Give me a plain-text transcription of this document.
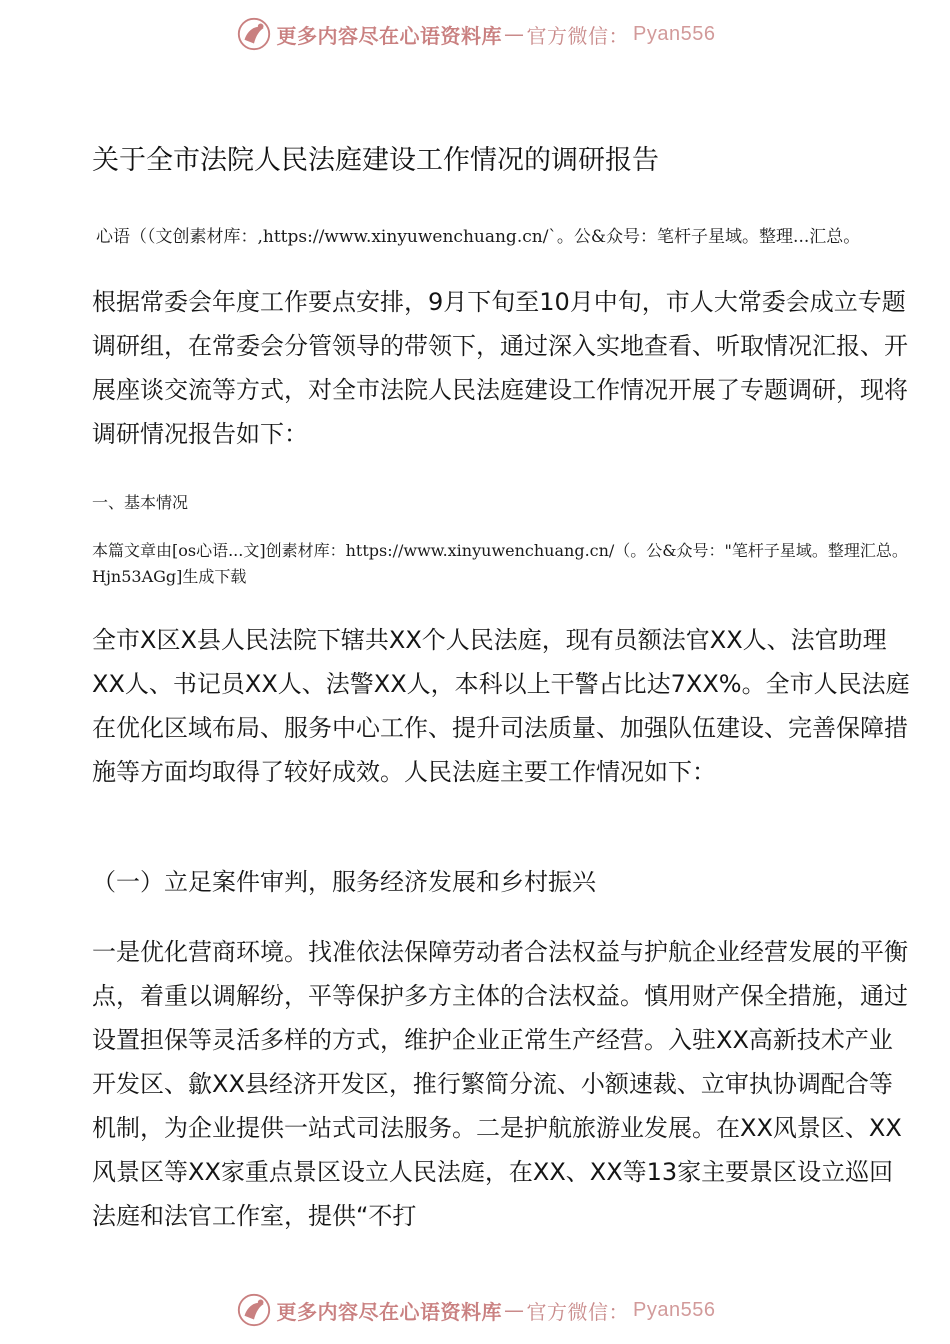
更多内容尽在心语资料库 — 官方微信： Pyan556
关于全市法院人民法庭建设工作情况的调研报告
心语（（文创素材库：,https://www.xinyuwenchuang.cn/`。公&众号：笔杆子星域。整理...汇总。
根据常委会年度工作要点安排，9月下旬至10月中旬，市人大常委会成立专题调研组，在常委会分管领导的带领下，通过深入实地查看、听取情况汇报、开展座谈交流等方式，对全市法院人民法庭建设工作情况开展了专题调研，现将调研情况报告如下：
一、基本情况
本篇文章由[os心语...文]创素材库：https://www.xinyuwenchuang.cn/（。公&众号："笔杆子星域。整理汇总。Hjn53AGg]生成下载
全市X区X县人民法院下辖共XX个人民法庭，现有员额法官XX人、法官助理XX人、书记员XX人、法警XX人，本科以上干警占比达7XX%。全市人民法庭在优化区域布局、服务中心工作、提升司法质量、加强队伍建设、完善保障措施等方面均取得了较好成效。人民法庭主要工作情况如下：
（一）立足案件审判，服务经济发展和乡村振兴
一是优化营商环境。找准依法保障劳动者合法权益与护航企业经营发展的平衡点，着重以调解纷，平等保护多方主体的合法权益。慎用财产保全措施，通过设置担保等灵活多样的方式，维护企业正常生产经营。入驻XX高新技术产业开发区、歙XX县经济开发区，推行繁简分流、小额速裁、立审执协调配合等机制，为企业提供一站式司法服务。二是护航旅游业发展。在XX风景区、XX风景区等XX家重点景区设立人民法庭，在XX、XX等13家主要景区设立巡回法庭和法官工作室，提供“不打
更多内容尽在心语资料库 — 官方微信： Pyan556
